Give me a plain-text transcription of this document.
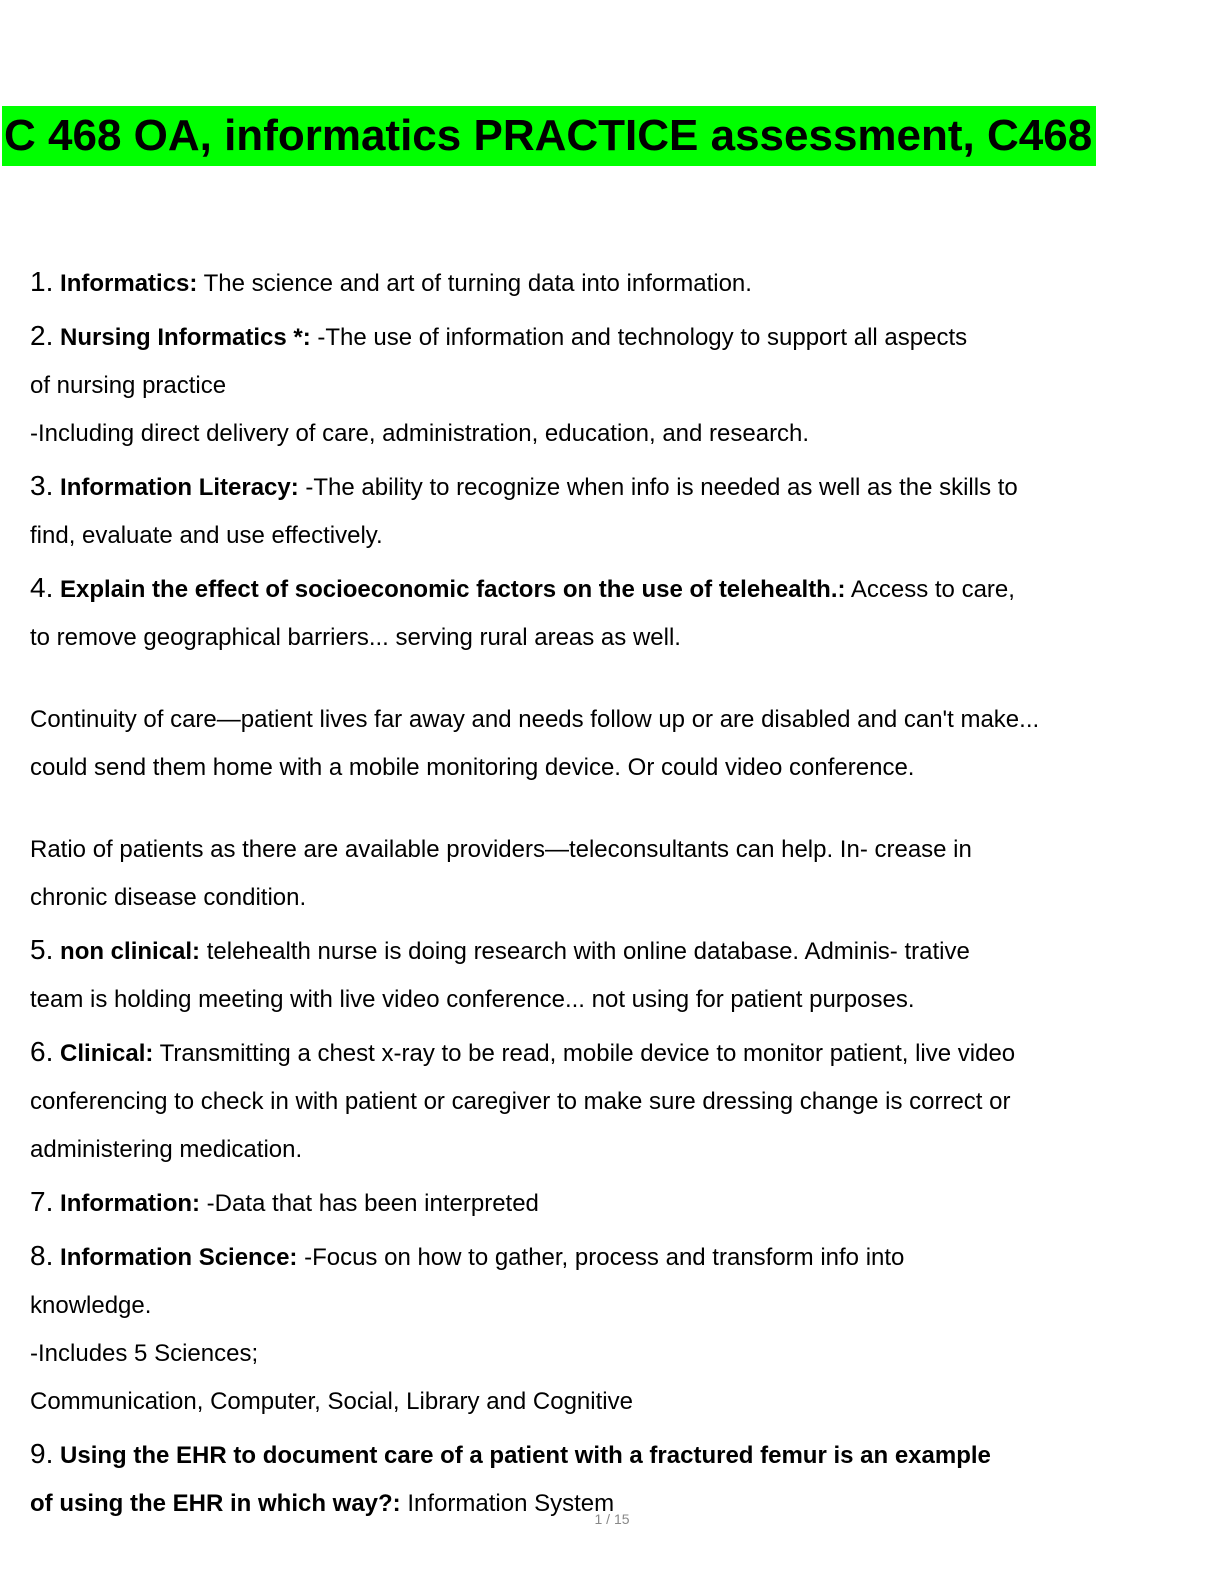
C 468 OA, informatics PRACTICE assessment, C468
1. Informatics: The science and art of turning data into information.
2. Nursing Informatics *: -The use of information and technology to support all aspects
of nursing practice
-Including direct delivery of care, administration, education, and research.
3. Information Literacy: -The ability to recognize when info is needed as well as the skills to
find, evaluate and use effectively.
4. Explain the effect of socioeconomic factors on the use of telehealth.: Access to care,
to remove geographical barriers... serving rural areas as well.
Continuity of care—patient lives far away and needs follow up or are disabled and can't make...
could send them home with a mobile monitoring device. Or could video conference.
Ratio of patients as there are available providers—teleconsultants can help. In- crease in
chronic disease condition.
5. non clinical: telehealth nurse is doing research with online database. Adminis- trative
team is holding meeting with live video conference... not using for patient purposes.
6. Clinical: Transmitting a chest x-ray to be read, mobile device to monitor patient, live video
conferencing to check in with patient or caregiver to make sure dressing change is correct or
administering medication.
7. Information: -Data that has been interpreted
8. Information Science: -Focus on how to gather, process and transform info into
knowledge.
-Includes 5 Sciences;
Communication, Computer, Social, Library and Cognitive
9. Using the EHR to document care of a patient with a fractured femur is an example
of using the EHR in which way?: Information System
1 / 15
